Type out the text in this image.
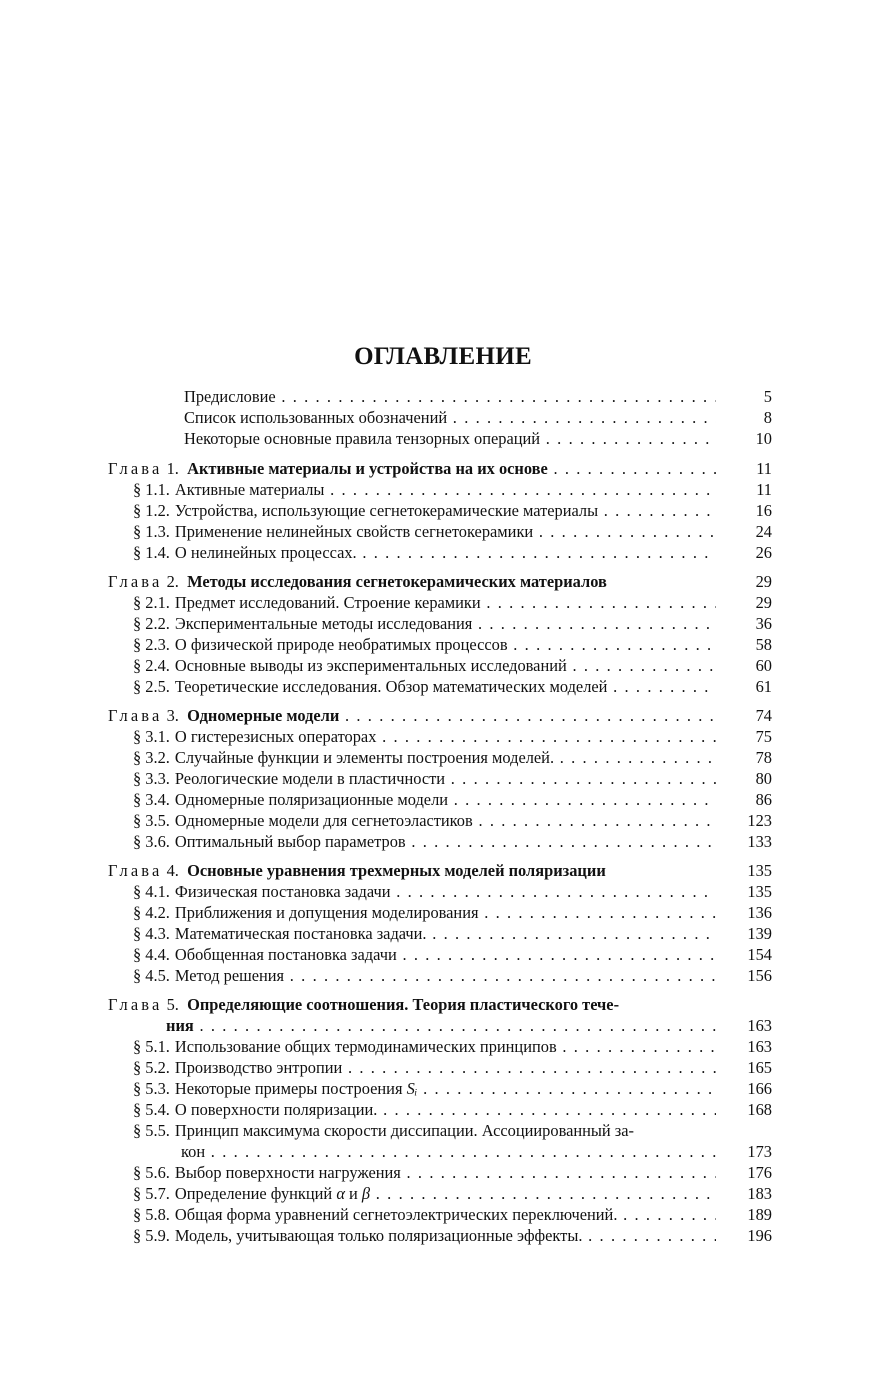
ОГЛАВЛЕНИЕ
Предисловие . . .	5
Список использованных обозначений . . .	8
Некоторые основные правила тензорных операций . . .	10
Глава 1. Активные материалы и устройства на их основе . . .	11
§ 1.1. Активные материалы . . .	11
§ 1.2. Устройства, использующие сегнетокерамические материалы . . .	16
§ 1.3. Применение нелинейных свойств сегнетокерамики . . .	24
§ 1.4. О нелинейных процессах. . . .	26
Глава 2. Методы исследования сегнетокерамических материалов	29
§ 2.1. Предмет исследований. Строение керамики . . .	29
§ 2.2. Экспериментальные методы исследования . . .	36
§ 2.3. О физической природе необратимых процессов . . .	58
§ 2.4. Основные выводы из экспериментальных исследований . . .	60
§ 2.5. Теоретические исследования. Обзор математических моделей . . .	61
Глава 3. Одномерные модели . . .	74
§ 3.1. О гистерезисных операторах . . .	75
§ 3.2. Случайные функции и элементы построения моделей. . . .	78
§ 3.3. Реологические модели в пластичности . . .	80
§ 3.4. Одномерные поляризационные модели . . .	86
§ 3.5. Одномерные модели для сегнетоэластиков . . .	123
§ 3.6. Оптимальный выбор параметров . . .	133
Глава 4. Основные уравнения трехмерных моделей поляризации	135
§ 4.1. Физическая постановка задачи . . .	135
§ 4.2. Приближения и допущения моделирования . . .	136
§ 4.3. Математическая постановка задачи. . . .	139
§ 4.4. Обобщенная постановка задачи . . .	154
§ 4.5. Метод решения . . .	156
Глава 5. Определяющие соотношения. Теория пластического тече-
ния . . .	163
§ 5.1. Использование общих термодинамических принципов . . .	163
§ 5.2. Производство энтропии . . .	165
§ 5.3. Некоторые примеры построения Sᵢ . . .	166
§ 5.4. О поверхности поляризации. . . .	168
§ 5.5. Принцип максимума скорости диссипации. Ассоциированный за-
кон . . .	173
§ 5.6. Выбор поверхности нагружения . . .	176
§ 5.7. Определение функций α и β . . .	183
§ 5.8. Общая форма уравнений сегнетоэлектрических переключений. . . .	189
§ 5.9. Модель, учитывающая только поляризационные эффекты. . . .	196
